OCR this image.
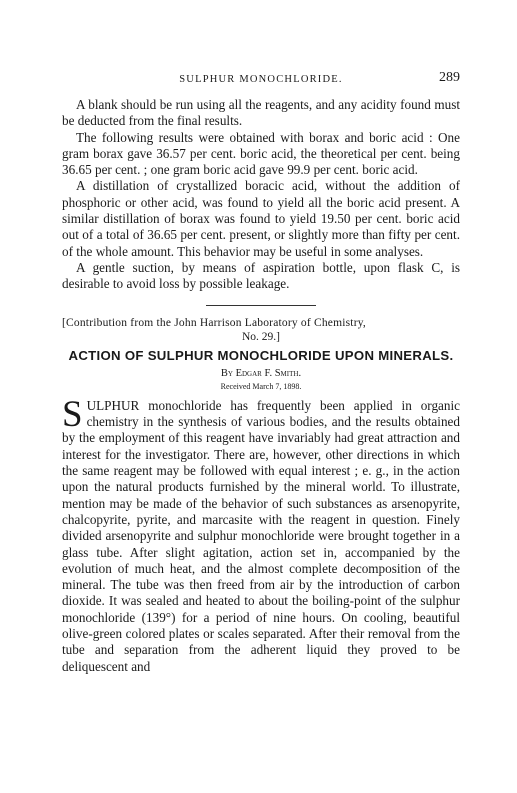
SULPHUR MONOCHLORIDE.	289

A blank should be run using all the reagents, and any acidity found must be deducted from the final results.

The following results were obtained with borax and boric acid : One gram borax gave 36.57 per cent. boric acid, the theoretical per cent. being 36.65 per cent. ; one gram boric acid gave 99.9 per cent. boric acid.

A distillation of crystallized boracic acid, without the addition of phosphoric or other acid, was found to yield all the boric acid present. A similar distillation of borax was found to yield 19.50 per cent. boric acid out of a total of 36.65 per cent. present, or slightly more than fifty per cent. of the whole amount. This behavior may be useful in some analyses.

A gentle suction, by means of aspiration bottle, upon flask C, is desirable to avoid loss by possible leakage.

[Contribution from the John Harrison Laboratory of Chemistry,

No. 29.]

ACTION OF SULPHUR MONOCHLORIDE UPON MINERALS.

By Edgar F. Smith.

Received March 7, 1898.

SULPHUR monochloride has frequently been applied in organic chemistry in the synthesis of various bodies, and the results obtained by the employment of this reagent have invariably had great attraction and interest for the investigator. There are, however, other directions in which the same reagent may be followed with equal interest ; e. g., in the action upon the natural products furnished by the mineral world. To illustrate, mention may be made of the behavior of such substances as arsenopyrite, chalcopyrite, pyrite, and marcasite with the reagent in question. Finely divided arsenopyrite and sulphur monochloride were brought together in a glass tube. After slight agitation, action set in, accompanied by the evolution of much heat, and the almost complete decomposition of the mineral. The tube was then freed from air by the introduction of carbon dioxide. It was sealed and heated to about the boiling-point of the sulphur monochloride (139°) for a period of nine hours. On cooling, beautiful olive-green colored plates or scales separated. After their removal from the tube and separation from the adherent liquid they proved to be deliquescent and
